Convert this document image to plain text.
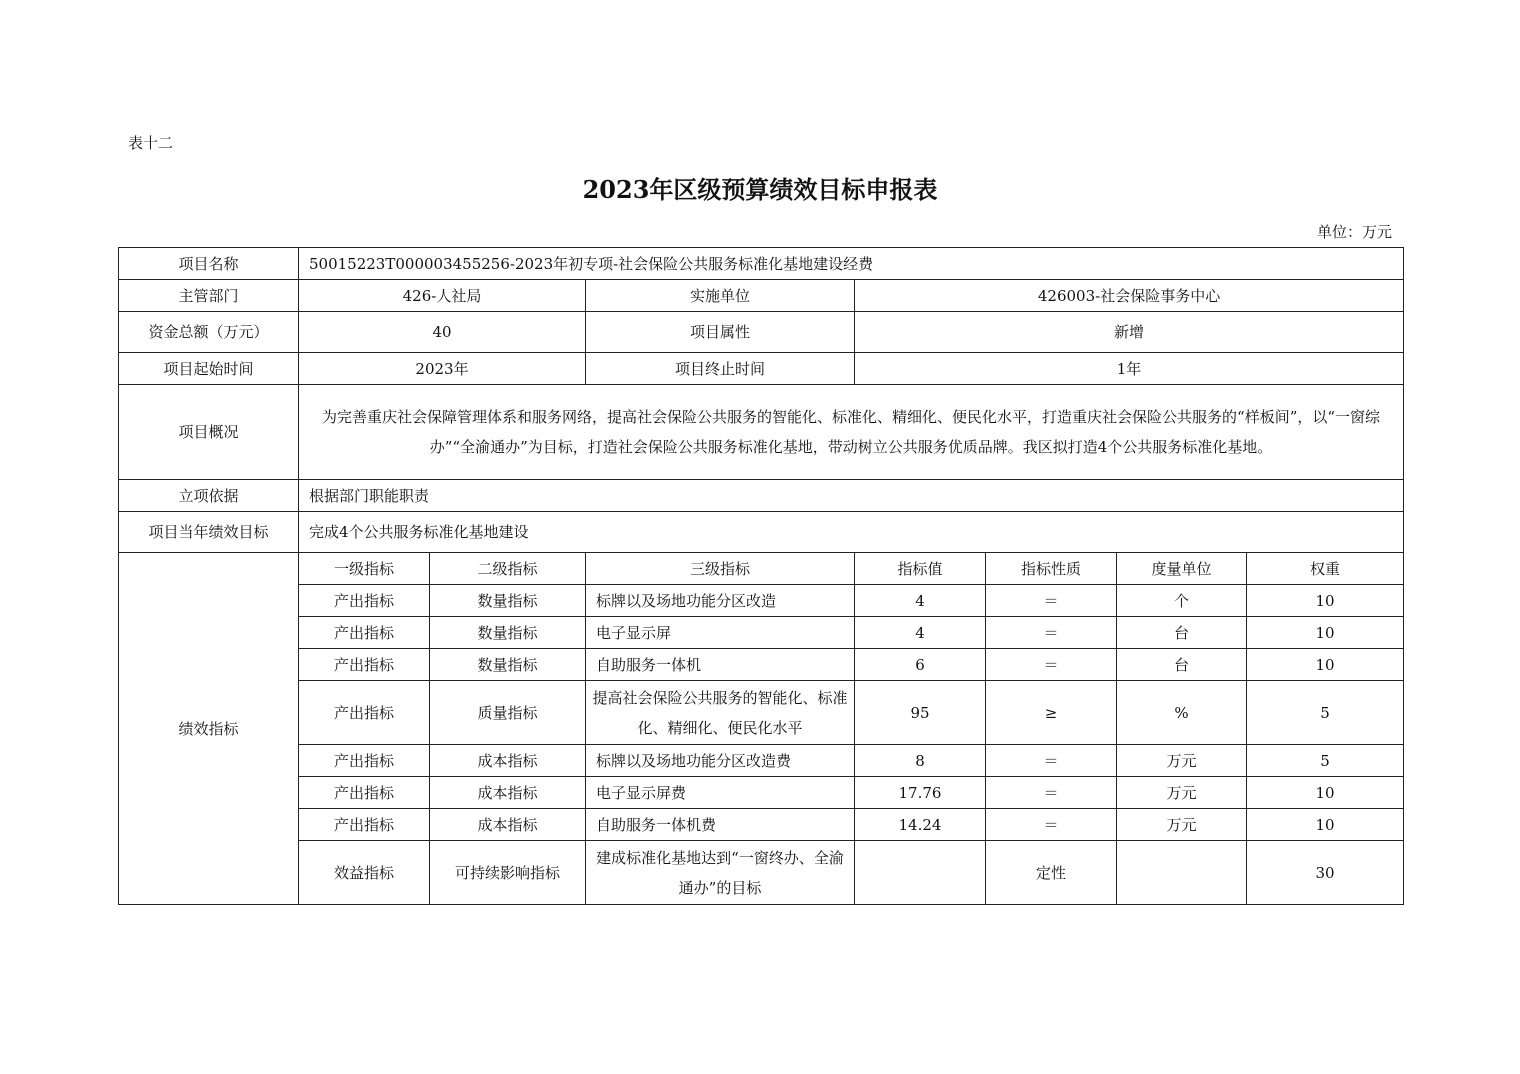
表十二
2023年区级预算绩效目标申报表
单位：万元
项目名称	50015223T000003455256-2023年初专项-社会保险公共服务标准化基地建设经费						
主管部门	426-人社局		实施单位	426003-社会保险事务中心			
资金总额（万元）	40		项目属性	新增			
项目起始时间	2023年		项目终止时间	1年			
项目概况	为完善重庆社会保障管理体系和服务网络，提高社会保险公共服务的智能化、标准化、精细化、便民化水平，打造重庆社会保险公共服务的“样板间”，以“一窗综办”“全渝通办”为目标，打造社会保险公共服务标准化基地，带动树立公共服务优质品牌。我区拟打造4个公共服务标准化基地。						
立项依据	根据部门职能职责						
项目当年绩效目标	完成4个公共服务标准化基地建设						
绩效指标	一级指标	二级指标	三级指标	指标值	指标性质	度量单位	权重
	产出指标	数量指标	标牌以及场地功能分区改造	4	＝	个	10
	产出指标	数量指标	电子显示屏	4	＝	台	10
	产出指标	数量指标	自助服务一体机	6	＝	台	10
	产出指标	质量指标	提高社会保险公共服务的智能化、标准化、精细化、便民化水平	95	≥	%	5
	产出指标	成本指标	标牌以及场地功能分区改造费	8	＝	万元	5
	产出指标	成本指标	电子显示屏费	17.76	＝	万元	10
	产出指标	成本指标	自助服务一体机费	14.24	＝	万元	10
	效益指标	可持续影响指标	建成标准化基地达到“一窗终办、全渝通办”的目标		定性		30
